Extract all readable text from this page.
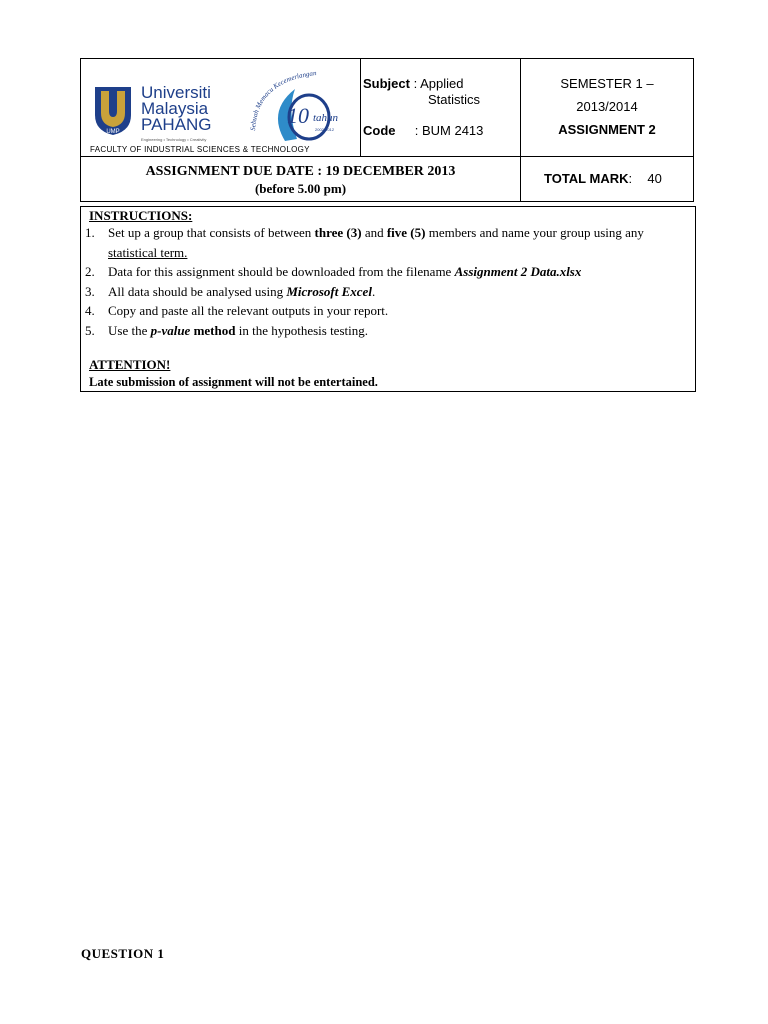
UMP
Universiti
Malaysia
PAHANG
Engineering • Technology • Creativity
Sebuah Memacu Kecemerlangan
10 tahun
2002-2012
FACULTY OF INDUSTRIAL SCIENCES & TECHNOLOGY
Subject : Applied
Statistics
Code : BUM 2413
SEMESTER 1 –
2013/2014
ASSIGNMENT 2
ASSIGNMENT DUE DATE : 19 DECEMBER 2013
(before 5.00 pm)
TOTAL MARK: 40
INSTRUCTIONS:
1.	Set up a group that consists of between three (3) and five (5) members and name your group using any statistical term.
2.	Data for this assignment should be downloaded from the filename Assignment 2 Data.xlsx
3.	All data should be analysed using Microsoft Excel.
4.	Copy and paste all the relevant outputs in your report.
5.	Use the p-value method in the hypothesis testing.
ATTENTION!
Late submission of assignment will not be entertained.
QUESTION 1
